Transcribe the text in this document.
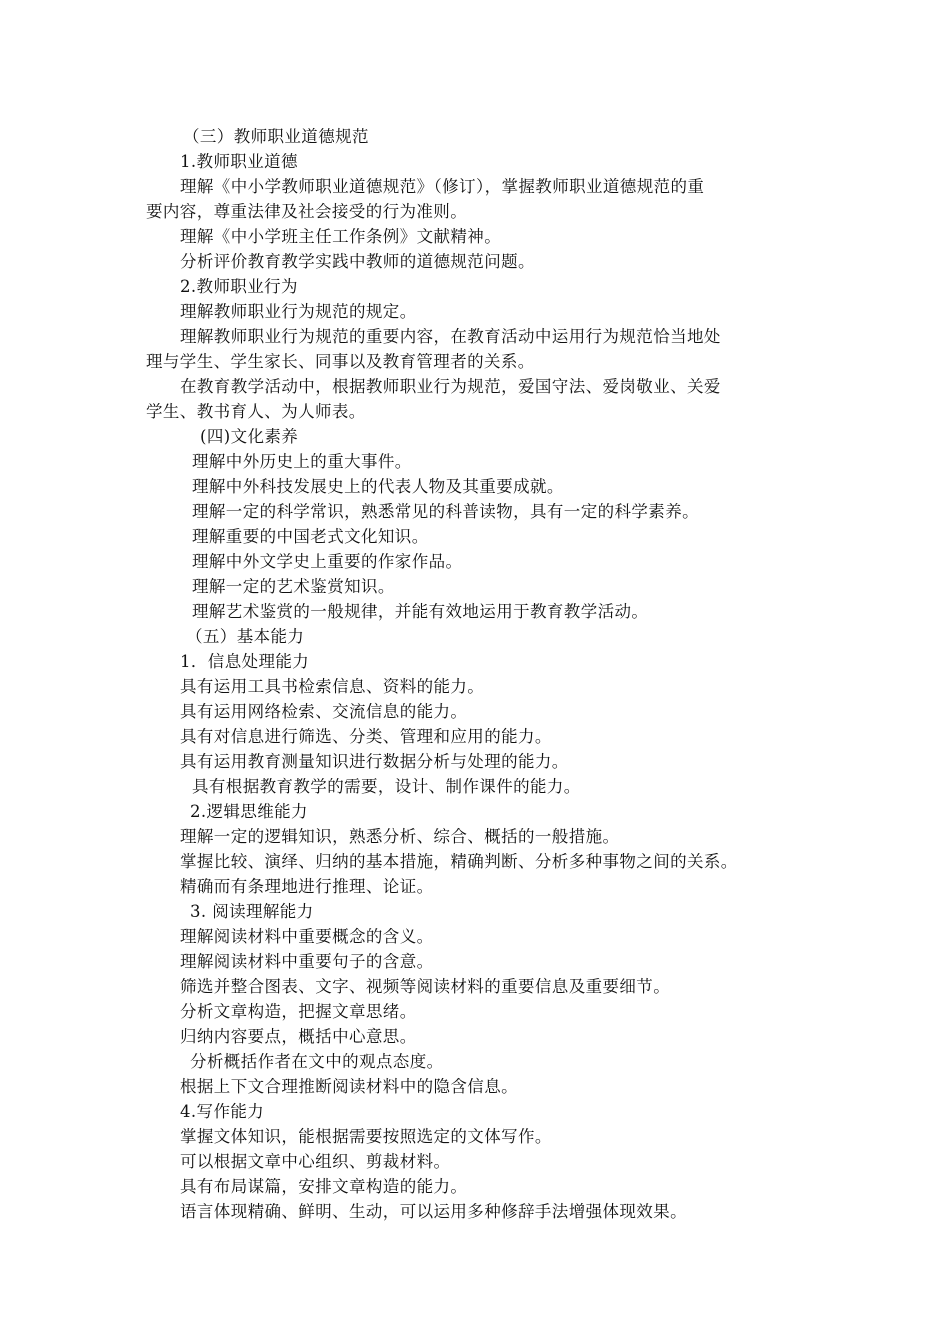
（三）教师职业道德规范
1.教师职业道德
理解《中小学教师职业道德规范》（修订），掌握教师职业道德规范的重
要内容，尊重法律及社会接受的行为准则。
理解《中小学班主任工作条例》文献精神。
分析评价教育教学实践中教师的道德规范问题。
2.教师职业行为
理解教师职业行为规范的规定。
理解教师职业行为规范的重要内容，在教育活动中运用行为规范恰当地处
理与学生、学生家长、同事以及教育管理者的关系。
在教育教学活动中，根据教师职业行为规范，爱国守法、爱岗敬业、关爱
学生、教书育人、为人师表。
(四)文化素养
理解中外历史上的重大事件。
理解中外科技发展史上的代表人物及其重要成就。
理解一定的科学常识，熟悉常见的科普读物，具有一定的科学素养。
理解重要的中国老式文化知识。
理解中外文学史上重要的作家作品。
理解一定的艺术鉴赏知识。
理解艺术鉴赏的一般规律，并能有效地运用于教育教学活动。
（五）基本能力
1．信息处理能力
具有运用工具书检索信息、资料的能力。
具有运用网络检索、交流信息的能力。
具有对信息进行筛选、分类、管理和应用的能力。
具有运用教育测量知识进行数据分析与处理的能力。
具有根据教育教学的需要，设计、制作课件的能力。
2.逻辑思维能力
理解一定的逻辑知识，熟悉分析、综合、概括的一般措施。
掌握比较、演绎、归纳的基本措施，精确判断、分析多种事物之间的关系。
精确而有条理地进行推理、论证。
3. 阅读理解能力
理解阅读材料中重要概念的含义。
理解阅读材料中重要句子的含意。
筛选并整合图表、文字、视频等阅读材料的重要信息及重要细节。
分析文章构造，把握文章思绪。
归纳内容要点，概括中心意思。
分析概括作者在文中的观点态度。
根据上下文合理推断阅读材料中的隐含信息。
4.写作能力
掌握文体知识，能根据需要按照选定的文体写作。
可以根据文章中心组织、剪裁材料。
具有布局谋篇，安排文章构造的能力。
语言体现精确、鲜明、生动，可以运用多种修辞手法增强体现效果。
